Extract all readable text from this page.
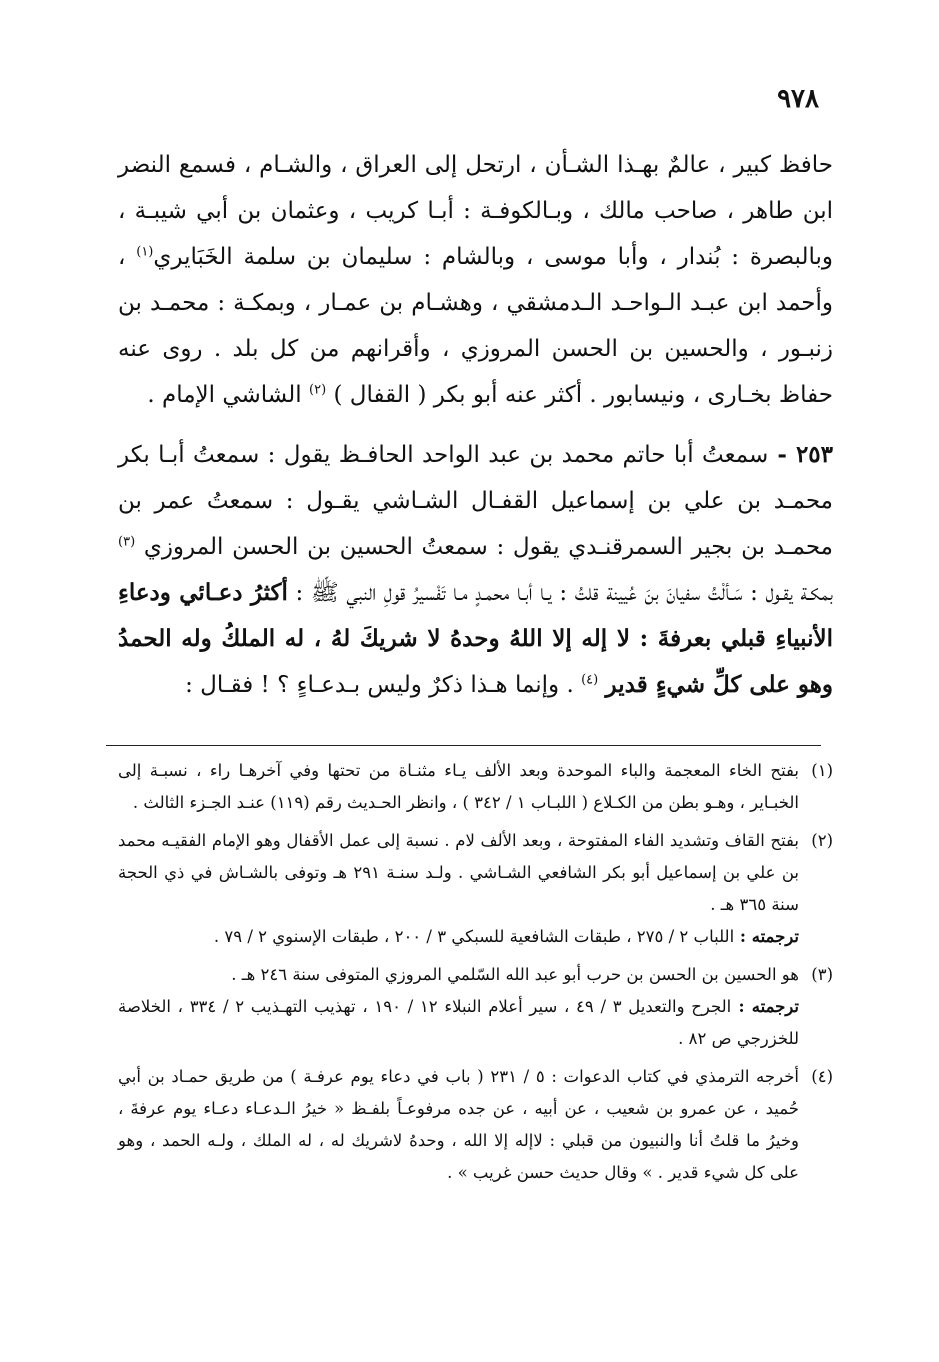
٩٧٨

حافظ كبير ، عالمٌ بهـذا الشـأن ، ارتحل إلى العراق ، والشـام ، فسمع النضر ابن طاهر ، صاحب مالك ، وبـالكوفـة : أبـا كريب ، وعثمان بن أبي شيبـة ، وبالبصرة : بُندار ، وأبا موسى ، وبالشام : سليمان بن سلمة الخَبَايري$^{(١)}$ ، وأحمد ابن عبـد الـواحـد الـدمشقي ، وهشـام بن عمـار ، وبمكـة : محمـد بن زنبـور ، والحسين بن الحسن المروزي ، وأقرانهم من كل بلد . روى عنه حفاظ بخـارى ، ونيسابور . أكثر عنه أبو بكر ( القفال ) $^{(٢)}$ الشاشي الإمام .

٢٥٣ - سمعتُ أبا حاتم محمد بن عبد الواحد الحافـظ يقول : سمعتُ أبـا بكر محمـد بن علي بن إسماعيل القفـال الشـاشي يقـول : سمعتُ عمر بن محمـد بن بجير السمرقنـدي يقول : سمعتُ الحسين بن الحسن المروزي $^{(٣)}$ بمكـة يقـول : سَـألْتُ سفيانَ بنَ عُيينة قلتُ : يـا أبـا محمـدٍ مـا تَفْسيرُ قولِ النبي ﷺ : أكثرُ دعـائي ودعاءِ الأنبياءِ قبلي بعرفةَ : لا إله إلا اللهُ وحدهُ لا شريكَ لهُ ، له الملكُ وله الحمدُ وهو على كلِّ شيءٍ قدير $^{(٤)}$ . وإنما هـذا ذكرٌ وليس بـدعـاءٍ ؟ ! فقـال :

(١)
بفتح الخاء المعجمة والباء الموحدة وبعد الألف يـاء مثنـاة من تحتها وفي آخرهـا راء ، نسبـة إلى الخبـاير ، وهـو بطن من الكـلاع ( اللبـاب ١ / ٣٤٢ ) ، وانظر الحـديث رقم (١١٩) عنـد الجـزء الثالث .
(٢)
بفتح القاف وتشديد الفاء المفتوحة ، وبعد الألف لام . نسبة إلى عمل الأقفال وهو الإمام الفقيـه محمد بن علي بن إسماعيل أبو بكر الشافعي الشـاشي . ولـد سنـة ٢٩١ هـ وتوفى بالشـاش في ذي الحجة سنة ٣٦٥ هـ .
ترجمته : اللباب ٢ / ٢٧٥ ، طبقات الشافعية للسبكي ٣ / ٢٠٠ ، طبقات الإسنوي ٢ / ٧٩ .
(٣)
هو الحسين بن الحسن بن حرب أبو عبد الله السّلمي المروزي المتوفى سنة ٢٤٦ هـ .
ترجمته : الجرح والتعديل ٣ / ٤٩ ، سير أعلام النبلاء ١٢ / ١٩٠ ، تهذيب التهـذيب ٢ / ٣٣٤ ، الخلاصة للخزرجي ص ٨٢ .
(٤)
أخرجه الترمذي في كتاب الدعوات : ٥ / ٢٣١ ( باب في دعاء يوم عرفـة ) من طريق حمـاد بن أبي حُميد ، عن عمرو بن شعيب ، عن أبيه ، عن جده مرفوعـاً بلفـظ « خيرُ الـدعـاء دعـاء يوم عرفةَ ، وخيرُ ما قلتُ أنا والنبيون من قبلي : لاإله إلا الله ، وحدهُ لاشريك له ، له الملك ، ولـه الحمد ، وهو على كل شيء قدير . » وقال حديث حسن غريب » .
